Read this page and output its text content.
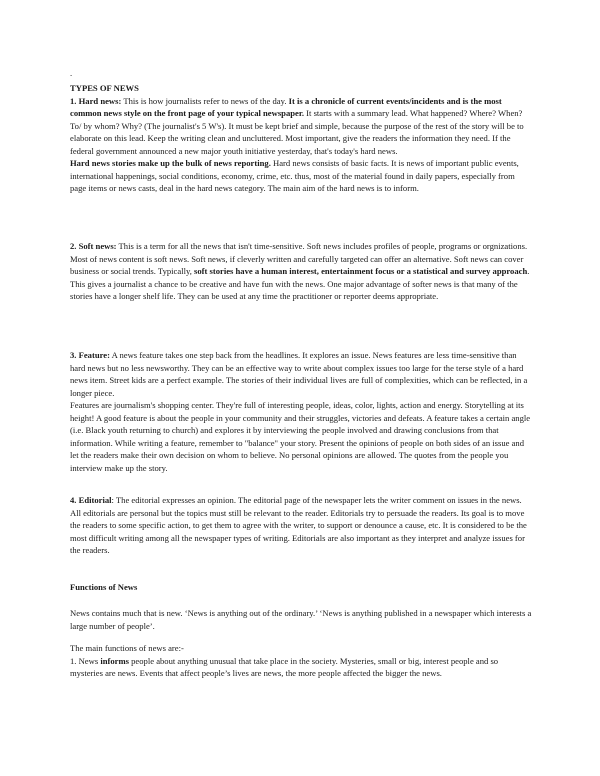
.

TYPES OF NEWS
1. Hard news: This is how journalists refer to news of the day. It is a chronicle of current events/incidents and is the most common news style on the front page of your typical newspaper. It starts with a summary lead. What happened? Where? When? To/ by whom? Why? (The journalist's 5 W's). It must be kept brief and simple, because the purpose of the rest of the story will be to elaborate on this lead. Keep the writing clean and uncluttered. Most important, give the readers the information they need. If the federal government announced a new major youth initiative yesterday, that's today's hard news.
Hard news stories make up the bulk of news reporting. Hard news consists of basic facts. It is news of important public events, international happenings, social conditions, economy, crime, etc. thus, most of the material found in daily papers, especially from page items or news casts, deal in the hard news category. The main aim of the hard news is to inform.

2. Soft news: This is a term for all the news that isn't time-sensitive. Soft news includes profiles of people, programs or orgnizations. Most of news content is soft news. Soft news, if cleverly written and carefully targeted can offer an alternative. Soft news can cover business or social trends. Typically, soft stories have a human interest, entertainment focus or a statistical and survey approach. This gives a journalist a chance to be creative and have fun with the news. One major advantage of softer news is that many of the stories have a longer shelf life. They can be used at any time the practitioner or reporter deems appropriate.

3. Feature: A news feature takes one step back from the headlines. It explores an issue. News features are less time-sensitive than hard news but no less newsworthy. They can be an effective way to write about complex issues too large for the terse style of a hard news item. Street kids are a perfect example. The stories of their individual lives are full of complexities, which can be reflected, in a longer piece.
Features are journalism's shopping center. They're full of interesting people, ideas, color, lights, action and energy. Storytelling at its height! A good feature is about the people in your community and their struggles, victories and defeats. A feature takes a certain angle (i.e. Black youth returning to church) and explores it by interviewing the people involved and drawing conclusions from that information. While writing a feature, remember to "balance" your story. Present the opinions of people on both sides of an issue and let the readers make their own decision on whom to believe. No personal opinions are allowed. The quotes from the people you interview make up the story.

4. Editorial: The editorial expresses an opinion. The editorial page of the newspaper lets the writer comment on issues in the news. All editorials are personal but the topics must still be relevant to the reader. Editorials try to persuade the readers. Its goal is to move the readers to some specific action, to get them to agree with the writer, to support or denounce a cause, etc. It is considered to be the most difficult writing among all the newspaper types of writing. Editorials are also important as they interpret and analyze issues for the readers.

Functions of News

News contains much that is new. ‘News is anything out of the ordinary.’ ‘News is anything published in a newspaper which interests a large number of people’.

The main functions of news are:-
1. News informs people about anything unusual that take place in the society. Mysteries, small or big, interest people and so mysteries are news. Events that affect people’s lives are news, the more people affected the bigger the news.
